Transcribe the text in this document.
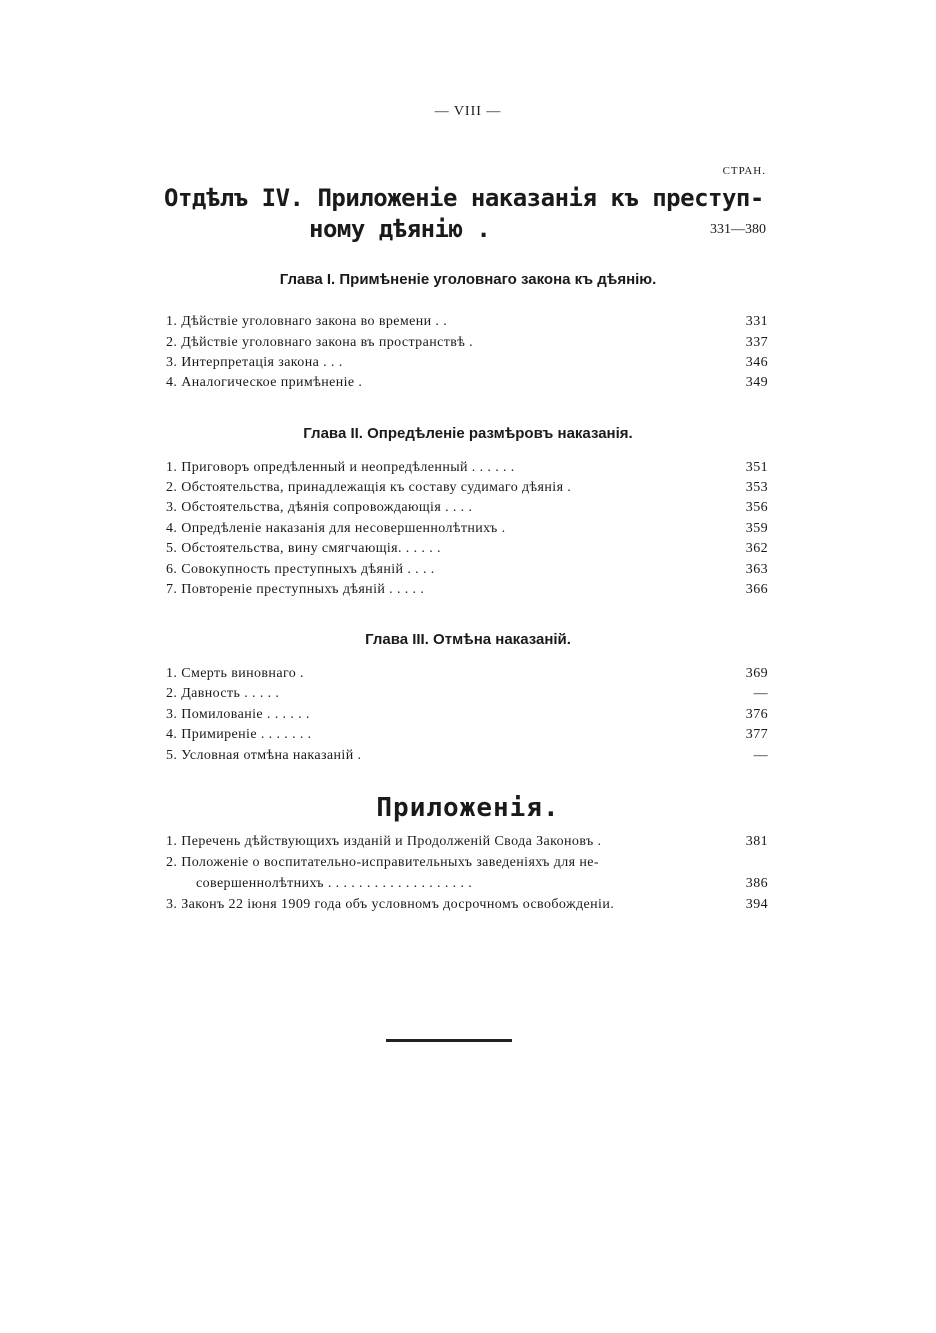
— VIII —
СТРАН.
Отдѣлъ IV. Приложеніе наказанія къ преступ-
ному дѣянію .	331—380
Глава I. Примѣненіе уголовнаго закона къ дѣянію.
1. Дѣйствіе уголовнаго закона во времени . .	331
2. Дѣйствіе уголовнаго закона въ пространствѣ .	337
3. Интерпретація закона . . .	346
4. Аналогическое примѣненіе .	349
Глава II. Опредѣленіе размѣровъ наказанія.
1. Приговоръ опредѣленный и неопредѣленный . . . . . .	351
2. Обстоятельства, принадлежащія къ составу судимаго дѣянія .	353
3. Обстоятельства, дѣянія сопровождающія . . . .	356
4. Опредѣленіе наказанія для несовершеннолѣтнихъ .	359
5. Обстоятельства, вину смягчающія. . . . . .	362
6. Совокупность преступныхъ дѣяній . . . .	363
7. Повтореніе преступныхъ дѣяній . . . . .	366
Глава III. Отмѣна наказаній.
1. Смерть виновнаго .	369
2. Давность . . . . .	—
3. Помилованіе . . . . . .	376
4. Примиреніе . . . . . . .	377
5. Условная отмѣна наказаній .	—
Приложенія.
1. Перечень дѣйствующихъ изданій и Продолженій Свода Законовъ .	381
2. Положеніе о воспитательно-исправительныхъ заведеніяхъ для не-
совершеннолѣтнихъ . . . . . . . . . . . . . . . . . . .	386
3. Законъ 22 іюня 1909 года объ условномъ досрочномъ освобожденіи.	394
